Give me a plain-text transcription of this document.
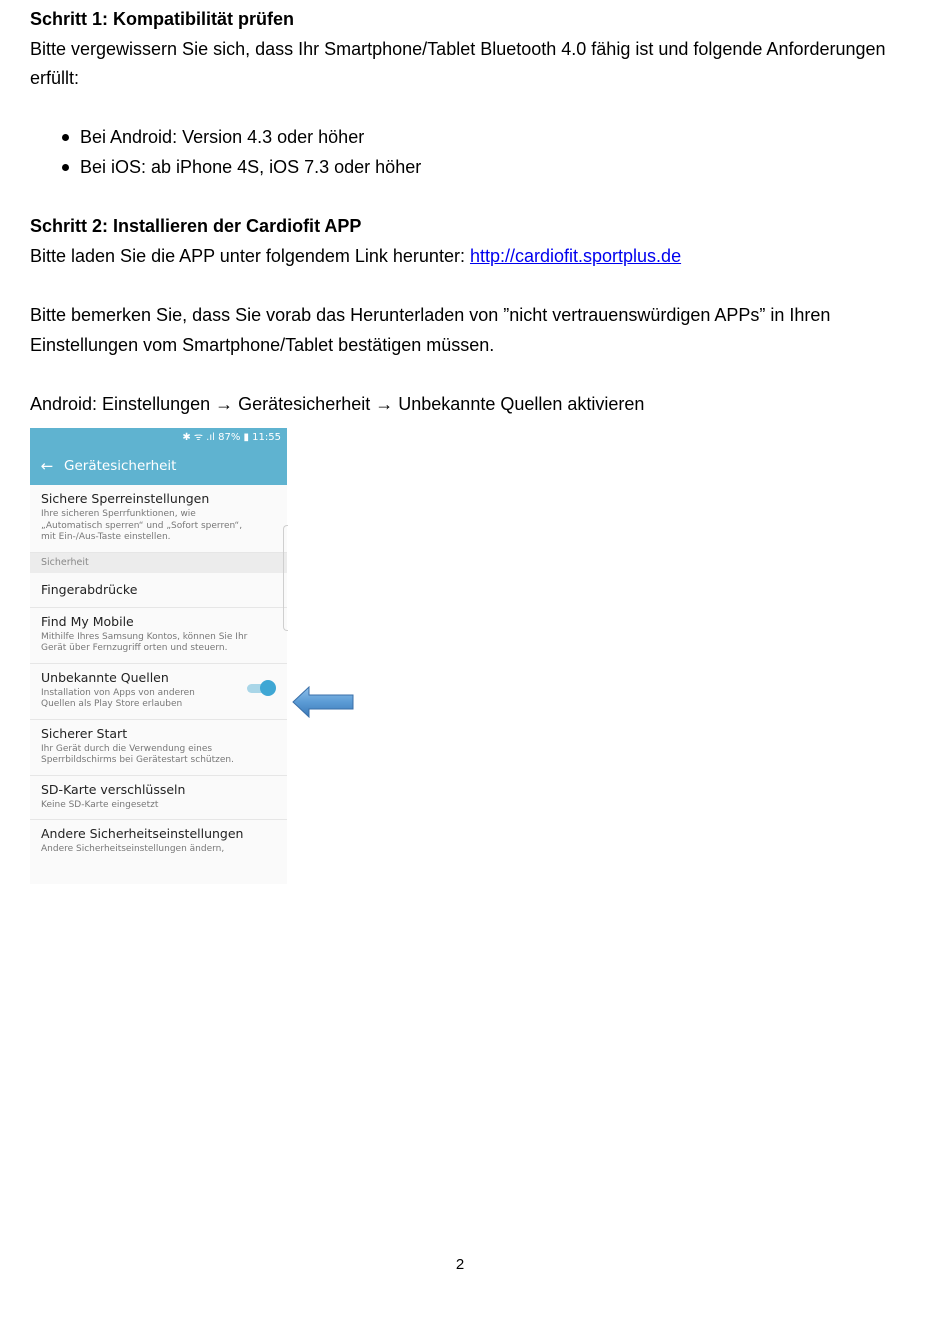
Schritt 1: Kompatibilität prüfen

Bitte vergewissern Sie sich, dass Ihr Smartphone/Tablet Bluetooth 4.0 fähig ist und folgende Anforderungen

erfüllt:

Bei Android: Version 4.3 oder höher
Bei iOS: ab iPhone 4S, iOS 7.3 oder höher

Schritt 2: Installieren der Cardiofit APP

Bitte laden Sie die APP unter folgendem Link herunter: http://cardiofit.sportplus.de

Bitte bemerken Sie, dass Sie vorab das Herunterladen von ”nicht vertrauenswürdigen APPs” in Ihren

Einstellungen vom Smartphone/Tablet bestätigen müssen.

Android: Einstellungen → Gerätesicherheit → Unbekannte Quellen aktivieren

✱ ᯤ .ıl 87% ▮ 11:55
← Gerätesicherheit
Sichere Sperreinstellungen
Ihre sicheren Sperrfunktionen, wie „Automatisch sperren“ und „Sofort sperren“, mit Ein-/Aus-Taste einstellen.
Sicherheit
Fingerabdrücke
Find My Mobile
Mithilfe Ihres Samsung Kontos, können Sie Ihr Gerät über Fernzugriff orten und steuern.
Unbekannte Quellen
Installation von Apps von anderen Quellen als Play Store erlauben
Sicherer Start
Ihr Gerät durch die Verwendung eines Sperrbildschirms bei Gerätestart schützen.
SD-Karte verschlüsseln
Keine SD-Karte eingesetzt
Andere Sicherheitseinstellungen
Andere Sicherheitseinstellungen ändern,
2
